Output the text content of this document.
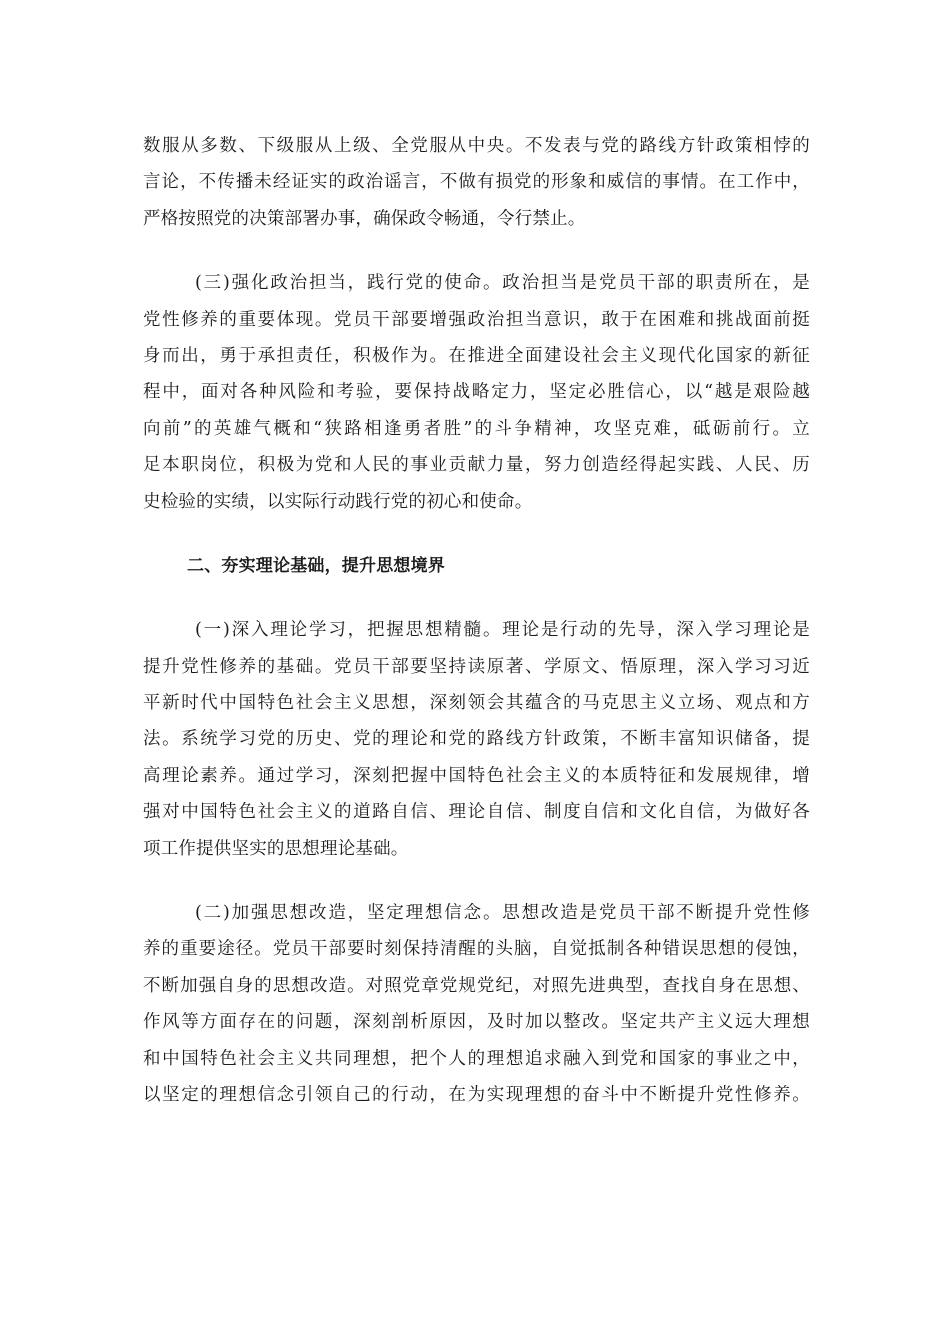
数服从多数、下级服从上级、全党服从中央。不发表与党的路线方针政策相悖的
言论，不传播未经证实的政治谣言，不做有损党的形象和威信的事情。在工作中，
严格按照党的决策部署办事，确保政令畅通，令行禁止。
(三)强化政治担当，践行党的使命。政治担当是党员干部的职责所在，是
党性修养的重要体现。党员干部要增强政治担当意识，敢于在困难和挑战面前挺
身而出，勇于承担责任，积极作为。在推进全面建设社会主义现代化国家的新征
程中，面对各种风险和考验，要保持战略定力，坚定必胜信心，以“越是艰险越
向前”的英雄气概和“狭路相逢勇者胜”的斗争精神，攻坚克难，砥砺前行。立
足本职岗位，积极为党和人民的事业贡献力量，努力创造经得起实践、人民、历
史检验的实绩，以实际行动践行党的初心和使命。
二、夯实理论基础，提升思想境界
(一)深入理论学习，把握思想精髓。理论是行动的先导，深入学习理论是
提升党性修养的基础。党员干部要坚持读原著、学原文、悟原理，深入学习习近
平新时代中国特色社会主义思想，深刻领会其蕴含的马克思主义立场、观点和方
法。系统学习党的历史、党的理论和党的路线方针政策，不断丰富知识储备，提
高理论素养。通过学习，深刻把握中国特色社会主义的本质特征和发展规律，增
强对中国特色社会主义的道路自信、理论自信、制度自信和文化自信，为做好各
项工作提供坚实的思想理论基础。
(二)加强思想改造，坚定理想信念。思想改造是党员干部不断提升党性修
养的重要途径。党员干部要时刻保持清醒的头脑，自觉抵制各种错误思想的侵蚀，
不断加强自身的思想改造。对照党章党规党纪，对照先进典型，查找自身在思想、
作风等方面存在的问题，深刻剖析原因，及时加以整改。坚定共产主义远大理想
和中国特色社会主义共同理想，把个人的理想追求融入到党和国家的事业之中，
以坚定的理想信念引领自己的行动，在为实现理想的奋斗中不断提升党性修养。
